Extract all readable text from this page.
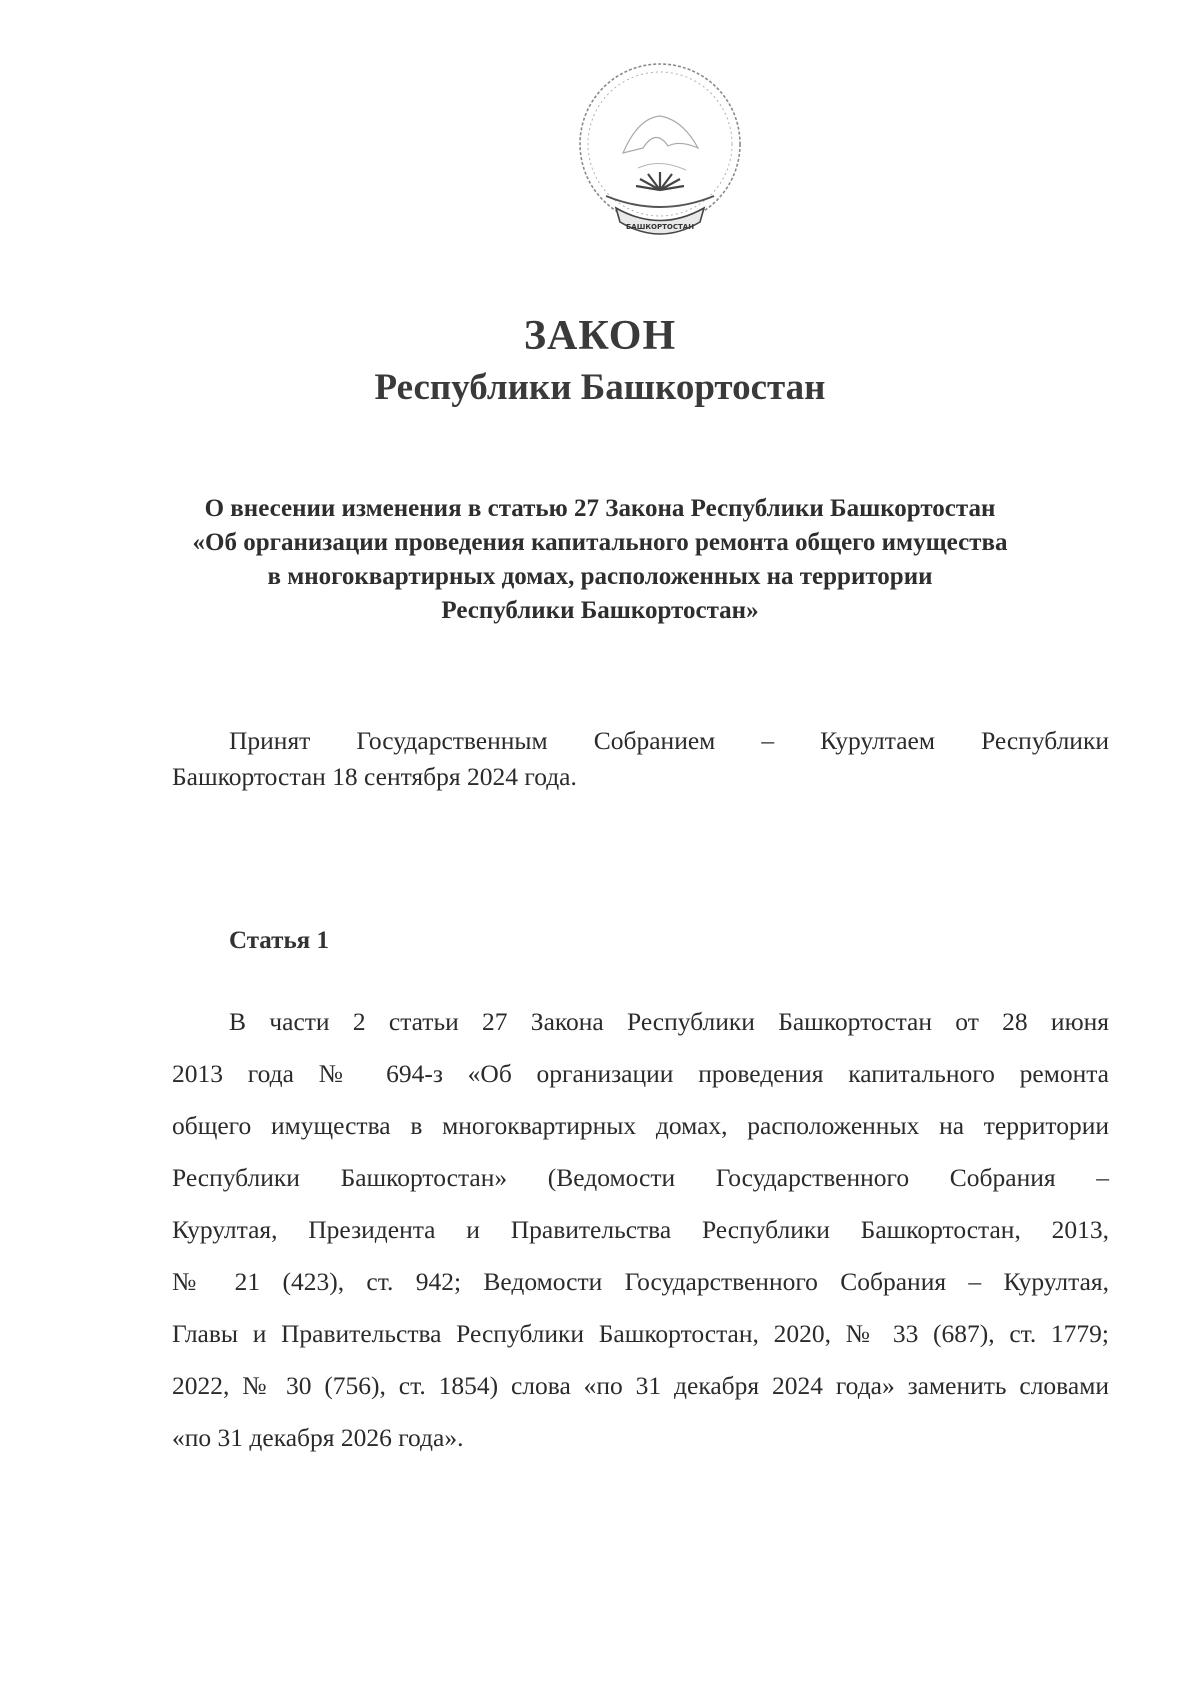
БАШКОРТОСТАН
ЗАКОН
Республики Башкортостан
О внесении изменения в статью 27 Закона Республики Башкортостан
«Об организации проведения капитального ремонта общего имущества
в многоквартирных домах, расположенных на территории
Республики Башкортостан»
Принят Государственным Собранием – Курултаем Республики
Башкортостан 18 сентября 2024 года.
Статья 1
В части 2 статьи 27 Закона Республики Башкортостан от 28 июня
2013 года № 694-з «Об организации проведения капитального ремонта
общего имущества в многоквартирных домах, расположенных на территории
Республики Башкортостан» (Ведомости Государственного Собрания –
Курултая, Президента и Правительства Республики Башкортостан, 2013,
№ 21 (423), ст. 942; Ведомости Государственного Собрания – Курултая,
Главы и Правительства Республики Башкортостан, 2020, № 33 (687), ст. 1779;
2022, № 30 (756), ст. 1854) слова «по 31 декабря 2024 года» заменить словами
«по 31 декабря 2026 года».
